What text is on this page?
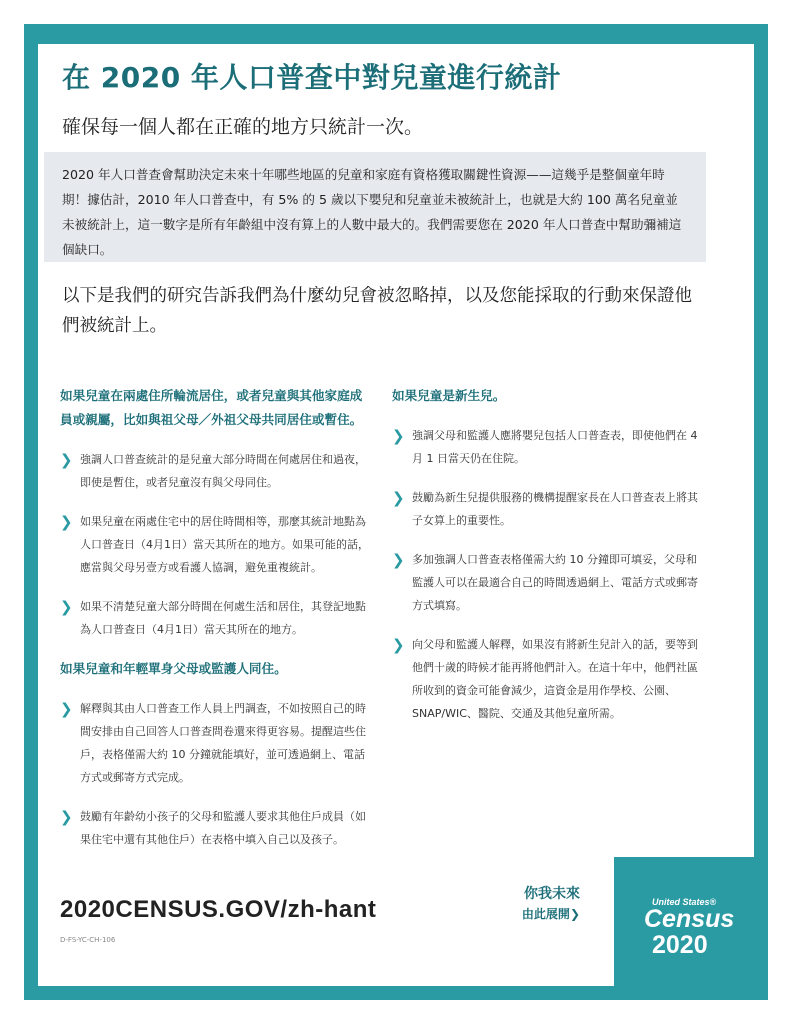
在 2020 年人口普查中對兒童進行統計
確保每一個人都在正確的地方只統計一次。
2020 年人口普查會幫助決定未來十年哪些地區的兒童和家庭有資格獲取關鍵性資源——這幾乎是整個童年時期！據估計，2010 年人口普查中，有 5% 的 5 歲以下嬰兒和兒童並未被統計上，也就是大約 100 萬名兒童並未被統計上，這一數字是所有年齡組中沒有算上的人數中最大的。我們需要您在 2020 年人口普查中幫助彌補這個缺口。
以下是我們的研究告訴我們為什麼幼兒會被忽略掉，以及您能採取的行動來保證他們被統計上。
如果兒童在兩處住所輪流居住，或者兒童與其他家庭成員或親屬，比如與祖父母／外祖父母共同居住或暫住。
❯ 強調人口普查統計的是兒童大部分時間在何處居住和過夜，即使是暫住，或者兒童沒有與父母同住。
❯ 如果兒童在兩處住宅中的居住時間相等，那麼其統計地點為人口普查日（4月1日）當天其所在的地方。如果可能的話，應當與父母另壹方或看護人協調，避免重複統計。
❯ 如果不清楚兒童大部分時間在何處生活和居住，其登記地點為人口普查日（4月1日）當天其所在的地方。
如果兒童和年輕單身父母或監護人同住。
❯ 解釋與其由人口普查工作人員上門調查，不如按照自己的時間安排由自己回答人口普查問卷還來得更容易。提醒這些住戶，表格僅需大約 10 分鐘就能填好，並可透過網上、電話方式或郵寄方式完成。
❯ 鼓勵有年齡幼小孩子的父母和監護人要求其他住戶成員（如果住宅中還有其他住戶）在表格中填入自己以及孩子。
如果兒童是新生兒。
❯ 強調父母和監護人應將嬰兒包括人口普查表，即使他們在 4 月 1 日當天仍在住院。
❯ 鼓勵為新生兒提供服務的機構提醒家長在人口普查表上將其子女算上的重要性。
❯ 多加強調人口普查表格僅需大約 10 分鐘即可填妥，父母和監護人可以在最適合自己的時間透過網上、電話方式或郵寄方式填寫。
❯ 向父母和監護人解釋，如果沒有將新生兒計入的話，要等到他們十歲的時候才能再將他們計入。在這十年中，他們社區所收到的資金可能會減少，這資金是用作學校、公園、SNAP/WIC、醫院、交通及其他兒童所需。
2020CENSUS.GOV/zh-hant
D-FS-YC-CH-106
你我未來
由此展開❯
United States®
Census
2020
